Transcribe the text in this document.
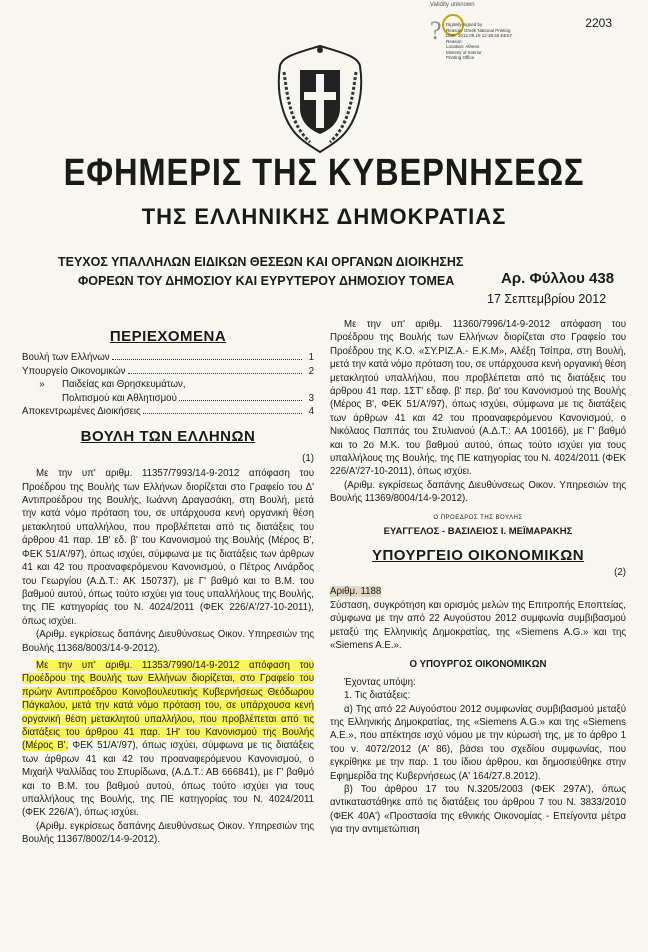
Validity unknown
? Digitally signed by
Reason: Greek National Printing
Date: 2012.09.19 12:38:45 EEST
Reason:
Location: Athens
Ministry of Interior
Printing Office
2203
ΕΦΗΜΕΡΙΣ ΤΗΣ ΚΥΒΕΡΝΗΣΕΩΣ
ΤΗΣ ΕΛΛΗΝΙΚΗΣ ΔΗΜΟΚΡΑΤΙΑΣ
ΤΕΥΧΟΣ ΥΠΑΛΛΗΛΩΝ ΕΙΔΙΚΩΝ ΘΕΣΕΩΝ ΚΑΙ ΟΡΓΑΝΩΝ ΔΙΟΙΚΗΣΗΣ
ΦΟΡΕΩΝ ΤΟΥ ΔΗΜΟΣΙΟΥ ΚΑΙ ΕΥΡΥΤΕΡΟΥ ΔΗΜΟΣΙΟΥ ΤΟΜΕΑ	Αρ. Φύλλου 438
17 Σεπτεμβρίου 2012
ΠΕΡΙΕΧΟΜΕΝΑ
Βουλή των Ελλήνων	1
Υπουργείο Οικονομικών	2
» Παιδείας και Θρησκευμάτων,
Πολιτισμού και Αθλητισμού	3
Αποκεντρωμένες Διοικήσεις	4
ΒΟΥΛΗ ΤΩΝ ΕΛΛΗΝΩΝ
(1)

Με την υπ' αριθμ. 11357/7993/14-9-2012 απόφαση του Προέδρου της Βουλής των Ελλήνων διορίζεται στο Γραφείο του Δ' Αντιπροέδρου της Βουλής, Ιωάννη Δραγασάκη, στη Βουλή, μετά την κατά νόμο πρόταση του, σε υπάρχουσα κενή οργανική θέση μετακλητού υπαλλήλου, που προβλέπεται από τις διατάξεις του άρθρου 41 παρ. 1Β' εδ. β' του Κανονισμού της Βουλής (Μέρος Β', ΦΕΚ 51/Α'/97), όπως ισχύει, σύμφωνα με τις διατάξεις των άρθρων 41 και 42 του προαναφερόμενου Κανονισμού, ο Πέτρος Λινάρδος του Γεωργίου (Α.Δ.Τ.: ΑΚ 150737), με Γ' βαθμό και το Β.Μ. του βαθμού αυτού, όπως τούτο ισχύει για τους υπαλλήλους της Βουλής, της ΠΕ κατηγορίας του Ν. 4024/2011 (ΦΕΚ 226/Α'/27-10-2011), όπως ισχύει.

(Αριθμ. εγκρίσεως δαπάνης Διευθύνσεως Οικον. Υπηρεσιών της Βουλής 11368/8003/14-9-2012).

Με την υπ' αριθμ. 11353/7990/14-9-2012 απόφαση του Προέδρου της Βουλής των Ελλήνων διορίζεται, στο Γραφείο του πρώην Αντιπροέδρου Κοινοβουλευτικής Κυβερνήσεως Θεόδωρου Πάγκαλου, μετά την κατά νόμο πρόταση του, σε υπάρχουσα κενή οργανική θέση μετακλητού υπαλλήλου, που προβλέπεται από τις διατάξεις του άρθρου 41 παρ. 1Η' του Κανονισμού της Βουλής (Μέρος Β', ΦΕΚ 51/Α'/97), όπως ισχύει, σύμφωνα με τις διατάξεις των άρθρων 41 και 42 του προαναφερόμενου Κανονισμού, ο Μιχαήλ Ψαλλίδας του Σπυρίδωνα, (Α.Δ.Τ.: ΑΒ 666841), με Γ' βαθμό και το Β.Μ. του βαθμού αυτού, όπως τούτο ισχύει για τους υπαλλήλους της Βουλής, της ΠΕ κατηγορίας του Ν. 4024/2011 (ΦΕΚ 226/Α'), όπως ισχύει.

(Αριθμ. εγκρίσεως δαπάνης Διευθύνσεως Οικον. Υπηρεσιών της Βουλής 11367/8002/14-9-2012).

Με την υπ' αριθμ. 11360/7996/14-9-2012 απόφαση του Προέδρου της Βουλής των Ελλήνων διορίζεται στο Γραφείο του Προέδρου της Κ.Ο. «ΣΥ.ΡΙΖ.Α.- Ε.Κ.Μ», Αλέξη Τσίπρα, στη Βουλή, μετά την κατά νόμο πρόταση του, σε υπάρχουσα κενή οργανική θέση μετακλητού υπαλλήλου, που προβλέπεται από τις διατάξεις του άρθρου 41 παρ. 1ΣΤ' εδαφ. β' περ. βα' του Κανονισμού της Βουλής (Μέρος Β', ΦΕΚ 51/Α'/97), όπως ισχύει, σύμφωνα με τις διατάξεις των άρθρων 41 και 42 του προαναφερόμενου Κανονισμού, ο Νικόλαος Παππάς του Στυλιανού (Α.Δ.Τ.: ΑΑ 100166), με Γ' βαθμό και το 2ο Μ.Κ. του βαθμού αυτού, όπως τούτο ισχύει για τους υπαλλήλους της Βουλής, της ΠΕ κατηγορίας του Ν. 4024/2011 (ΦΕΚ 226/Α'/27-10-2011), όπως ισχύει.

(Αριθμ. εγκρίσεως δαπάνης Διευθύνσεως Οικον. Υπηρεσιών της Βουλής 11369/8004/14-9-2012).

Ο ΠΡΟΕΔΡΟΣ ΤΗΣ ΒΟΥΛΗΣ
ΕΥΑΓΓΕΛΟΣ - ΒΑΣΙΛΕΙΟΣ Ι. ΜΕΪΜΑΡΑΚΗΣ
ΥΠΟΥΡΓΕΙΟ ΟΙΚΟΝΟΜΙΚΩΝ
(2)
Αριθμ. 1188

Σύσταση, συγκρότηση και ορισμός μελών της Επιτροπής Εποπτείας, σύμφωνα με την από 22 Αυγούστου 2012 συμφωνία συμβιβασμού μεταξύ της Ελληνικής Δημοκρατίας, της «Siemens A.G.» και της «Siemens A.E.».

Ο ΥΠΟΥΡΓΟΣ ΟΙΚΟΝΟΜΙΚΩΝ

Έχοντας υπόψη:

1. Τις διατάξεις:

α) Της από 22 Αυγούστου 2012 συμφωνίας συμβιβασμού μεταξύ της Ελληνικής Δημοκρατίας, της «Siemens A.G.» και της «Siemens A.E.», που απέκτησε ισχύ νόμου με την κύρωσή της, με το άρθρο 1 του ν. 4072/2012 (Α' 86), βάσει του σχεδίου συμφωνίας, που εγκρίθηκε με την παρ. 1 του ίδιου άρθρου, και δημοσιεύθηκε στην Εφημερίδα της Κυβερνήσεως (Α' 164/27.8.2012).

β) Του άρθρου 17 του Ν.3205/2003 (ΦΕΚ 297Α'), όπως αντικαταστάθηκε από τις διατάξεις του άρθρου 7 του Ν. 3833/2010 (ΦΕΚ 40Α') «Προστασία της εθνικής Οικονομίας - Επείγοντα μέτρα για την αντιμετώπιση
